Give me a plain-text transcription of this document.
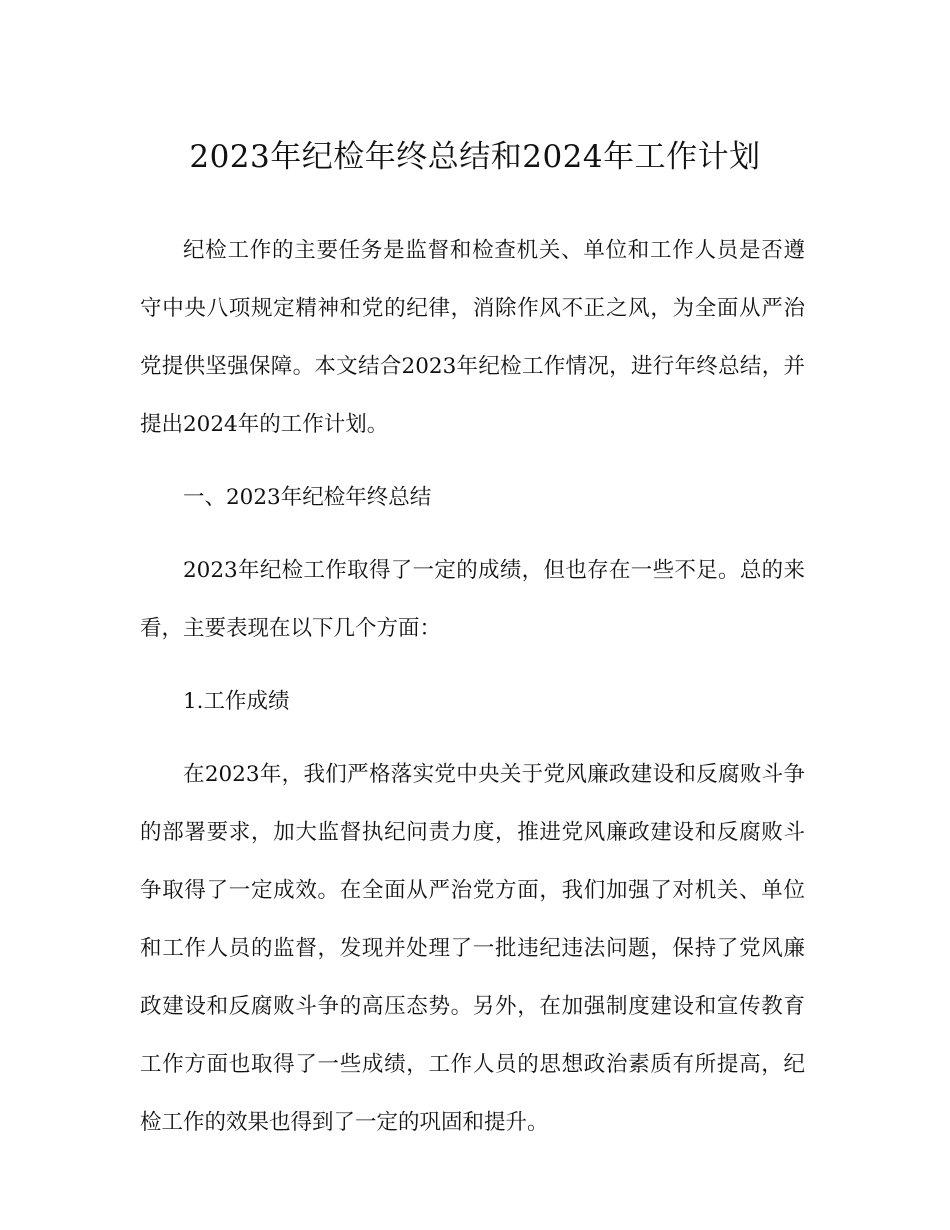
2023年纪检年终总结和2024年工作计划

纪检工作的主要任务是监督和检查机关、单位和工作人员是否遵守中央八项规定精神和党的纪律，消除作风不正之风，为全面从严治党提供坚强保障。本文结合2023年纪检工作情况，进行年终总结，并提出2024年的工作计划。

一、2023年纪检年终总结

2023年纪检工作取得了一定的成绩，但也存在一些不足。总的来看，主要表现在以下几个方面：

1.工作成绩

在2023年，我们严格落实党中央关于党风廉政建设和反腐败斗争的部署要求，加大监督执纪问责力度，推进党风廉政建设和反腐败斗争取得了一定成效。在全面从严治党方面，我们加强了对机关、单位和工作人员的监督，发现并处理了一批违纪违法问题，保持了党风廉政建设和反腐败斗争的高压态势。另外，在加强制度建设和宣传教育工作方面也取得了一些成绩，工作人员的思想政治素质有所提高，纪检工作的效果也得到了一定的巩固和提升。
